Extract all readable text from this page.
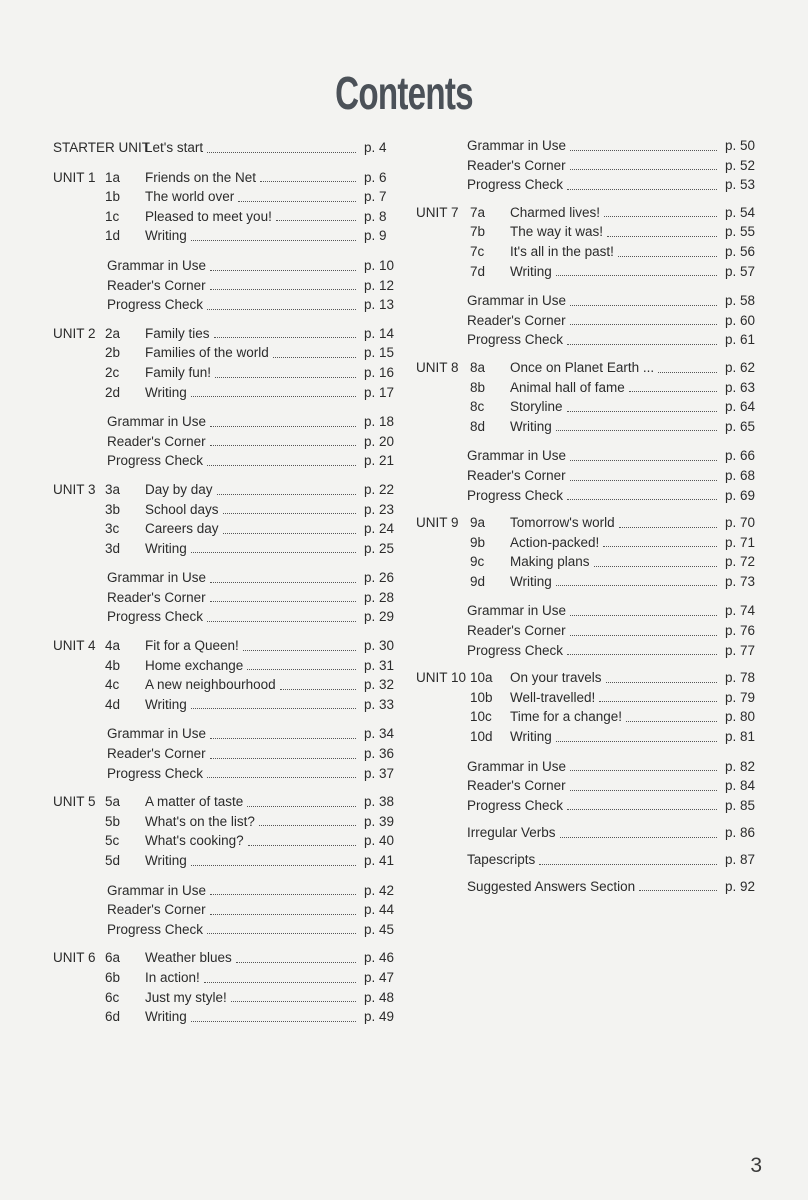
Contents
STARTER UNIT
Let's start	p. 4
UNIT 1 1a	Friends on the Net	p. 6
1b	The world over	p. 7
1c	Pleased to meet you!	p. 8
1d	Writing	p. 9
Grammar in Use	p. 10
Reader's Corner	p. 12
Progress Check	p. 13
UNIT 2 2a	Family ties	p. 14
2b	Families of the world	p. 15
2c	Family fun!	p. 16
2d	Writing	p. 17
Grammar in Use	p. 18
Reader's Corner	p. 20
Progress Check	p. 21
UNIT 3 3a	Day by day	p. 22
3b	School days	p. 23
3c	Careers day	p. 24
3d	Writing	p. 25
Grammar in Use	p. 26
Reader's Corner	p. 28
Progress Check	p. 29
UNIT 4 4a	Fit for a Queen!	p. 30
4b	Home exchange	p. 31
4c	A new neighbourhood	p. 32
4d	Writing	p. 33
Grammar in Use	p. 34
Reader's Corner	p. 36
Progress Check	p. 37
UNIT 5 5a	A matter of taste	p. 38
5b	What's on the list?	p. 39
5c	What's cooking?	p. 40
5d	Writing	p. 41
Grammar in Use	p. 42
Reader's Corner	p. 44
Progress Check	p. 45
UNIT 6 6a	Weather blues	p. 46
6b	In action!	p. 47
6c	Just my style!	p. 48
6d	Writing	p. 49
Grammar in Use	p. 50
Reader's Corner	p. 52
Progress Check	p. 53
UNIT 7 7a	Charmed lives!	p. 54
7b	The way it was!	p. 55
7c	It's all in the past!	p. 56
7d	Writing	p. 57
Grammar in Use	p. 58
Reader's Corner	p. 60
Progress Check	p. 61
UNIT 8 8a	Once on Planet Earth ...	p. 62
8b	Animal hall of fame	p. 63
8c	Storyline	p. 64
8d	Writing	p. 65
Grammar in Use	p. 66
Reader's Corner	p. 68
Progress Check	p. 69
UNIT 9 9a	Tomorrow's world	p. 70
9b	Action-packed!	p. 71
9c	Making plans	p. 72
9d	Writing	p. 73
Grammar in Use	p. 74
Reader's Corner	p. 76
Progress Check	p. 77
UNIT 10 10a	On your travels	p. 78
10b	Well-travelled!	p. 79
10c	Time for a change!	p. 80
10d	Writing	p. 81
Grammar in Use	p. 82
Reader's Corner	p. 84
Progress Check	p. 85
Irregular Verbs	p. 86
Tapescripts	p. 87
Suggested Answers Section	p. 92
3
